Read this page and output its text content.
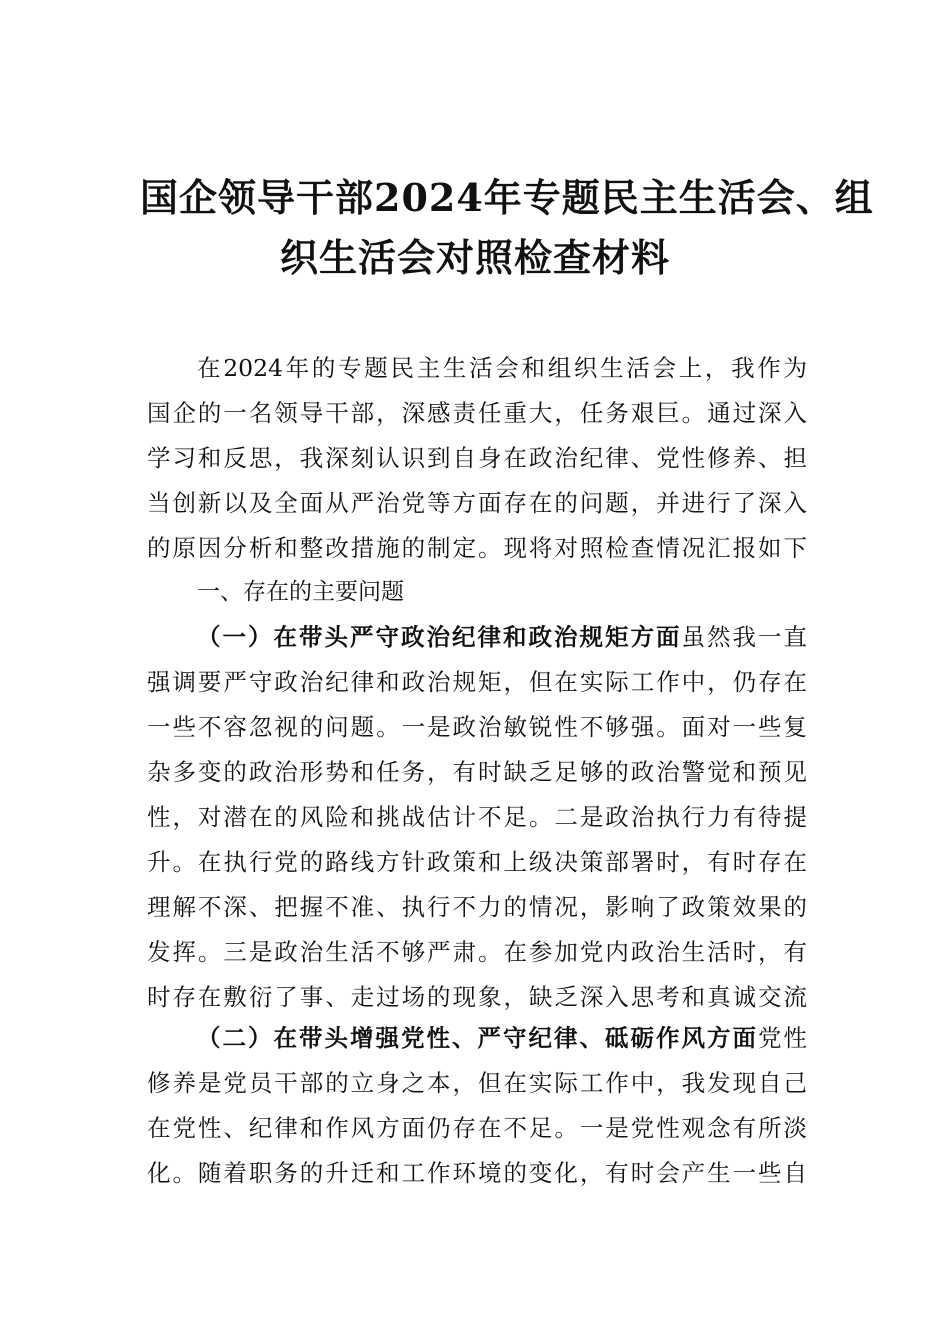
国企领导干部2024年专题民主生活会、组
织生活会对照检查材料

在2024年的专题民主生活会和组织生活会上，我作为

国企的一名领导干部，深感责任重大，任务艰巨。通过深入

学习和反思，我深刻认识到自身在政治纪律、党性修养、担

当创新以及全面从严治党等方面存在的问题，并进行了深入

的原因分析和整改措施的制定。现将对照检查情况汇报如下

一、存在的主要问题

（一）在带头严守政治纪律和政治规矩方面虽然我一直

强调要严守政治纪律和政治规矩，但在实际工作中，仍存在

一些不容忽视的问题。一是政治敏锐性不够强。面对一些复

杂多变的政治形势和任务，有时缺乏足够的政治警觉和预见

性，对潜在的风险和挑战估计不足。二是政治执行力有待提

升。在执行党的路线方针政策和上级决策部署时，有时存在

理解不深、把握不准、执行不力的情况，影响了政策效果的

发挥。三是政治生活不够严肃。在参加党内政治生活时，有

时存在敷衍了事、走过场的现象，缺乏深入思考和真诚交流

（二）在带头增强党性、严守纪律、砥砺作风方面党性

修养是党员干部的立身之本，但在实际工作中，我发现自己

在党性、纪律和作风方面仍存在不足。一是党性观念有所淡

化。随着职务的升迁和工作环境的变化，有时会产生一些自
